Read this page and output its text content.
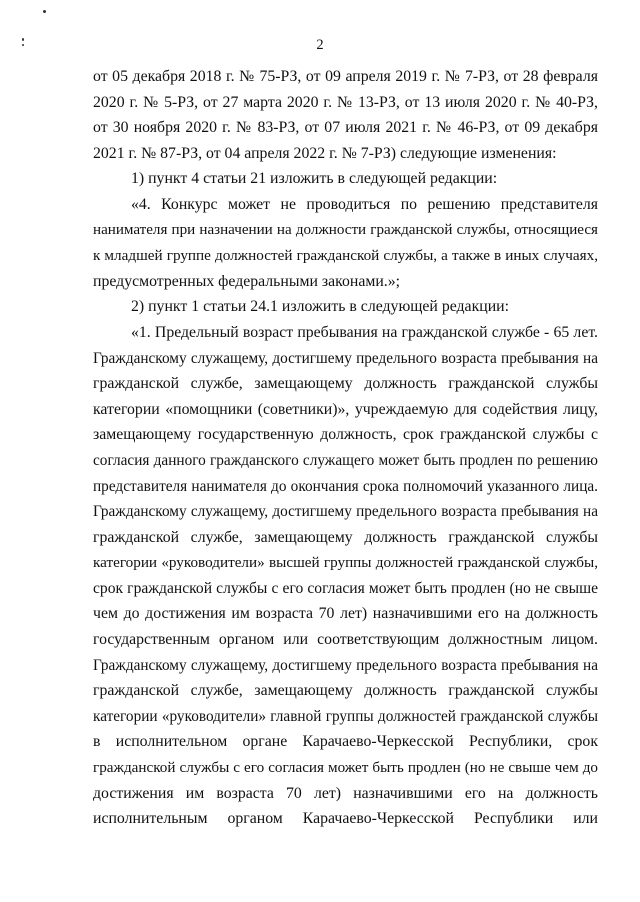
2
от 05 декабря 2018 г. № 75-РЗ, от 09 апреля 2019 г. № 7-РЗ, от 28 февраля
2020 г. № 5-РЗ, от 27 марта 2020 г. № 13-РЗ, от 13 июля 2020 г. № 40-РЗ,
от 30 ноября 2020 г. № 83-РЗ, от 07 июля 2021 г. № 46-РЗ, от 09 декабря
2021 г. № 87-РЗ, от 04 апреля 2022 г. № 7-РЗ) следующие изменения:
1) пункт 4 статьи 21 изложить в следующей редакции:
«4. Конкурс может не проводиться по решению представителя
нанимателя при назначении на должности гражданской службы, относящиеся
к младшей группе должностей гражданской службы, а также в иных случаях,
предусмотренных федеральными законами.»;
2) пункт 1 статьи 24.1 изложить в следующей редакции:
«1. Предельный возраст пребывания на гражданской службе - 65 лет.
Гражданскому служащему, достигшему предельного возраста пребывания на
гражданской службе, замещающему должность гражданской службы
категории «помощники (советники)», учреждаемую для содействия лицу,
замещающему государственную должность, срок гражданской службы с
согласия данного гражданского служащего может быть продлен по решению
представителя нанимателя до окончания срока полномочий указанного лица.
Гражданскому служащему, достигшему предельного возраста пребывания на
гражданской службе, замещающему должность гражданской службы
категории «руководители» высшей группы должностей гражданской службы,
срок гражданской службы с его согласия может быть продлен (но не свыше
чем до достижения им возраста 70 лет) назначившими его на должность
государственным органом или соответствующим должностным лицом.
Гражданскому служащему, достигшему предельного возраста пребывания на
гражданской службе, замещающему должность гражданской службы
категории «руководители» главной группы должностей гражданской службы
в исполнительном органе Карачаево-Черкесской Республики, срок
гражданской службы с его согласия может быть продлен (но не свыше чем до
достижения им возраста 70 лет) назначившими его на должность
исполнительным органом Карачаево-Черкесской Республики или
